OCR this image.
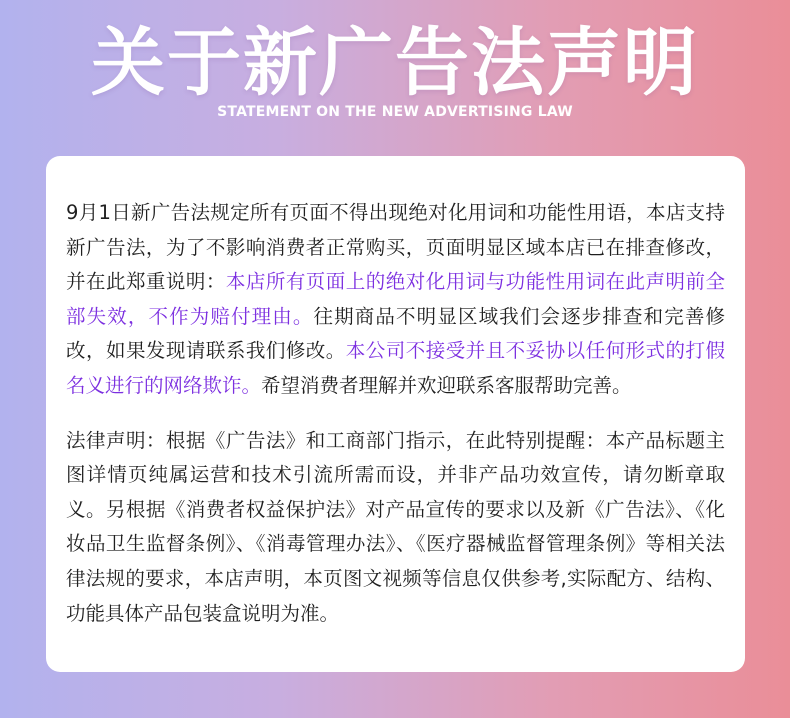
关于新广告法声明
STATEMENT ON THE NEW ADVERTISING LAW

9月1日新广告法规定所有页面不得出现绝对化用词和功能性用语，本店支持新广告法，为了不影响消费者正常购买，页面明显区域本店已在排查修改，并在此郑重说明：本店所有页面上的绝对化用词与功能性用词在此声明前全部失效，不作为赔付理由。往期商品不明显区域我们会逐步排查和完善修改，如果发现请联系我们修改。本公司不接受并且不妥协以任何形式的打假名义进行的网络欺诈。希望消费者理解并欢迎联系客服帮助完善。

法律声明：根据《广告法》和工商部门指示，在此特别提醒：本产品标题主图详情页纯属运营和技术引流所需而设，并非产品功效宣传，请勿断章取义。另根据《消费者权益保护法》对产品宣传的要求以及新《广告法》、《化妆品卫生监督条例》、《消毒管理办法》、《医疗器械监督管理条例》等相关法律法规的要求，本店声明，本页图文视频等信息仅供参考,实际配方、结构、功能具体产品包装盒说明为准。
